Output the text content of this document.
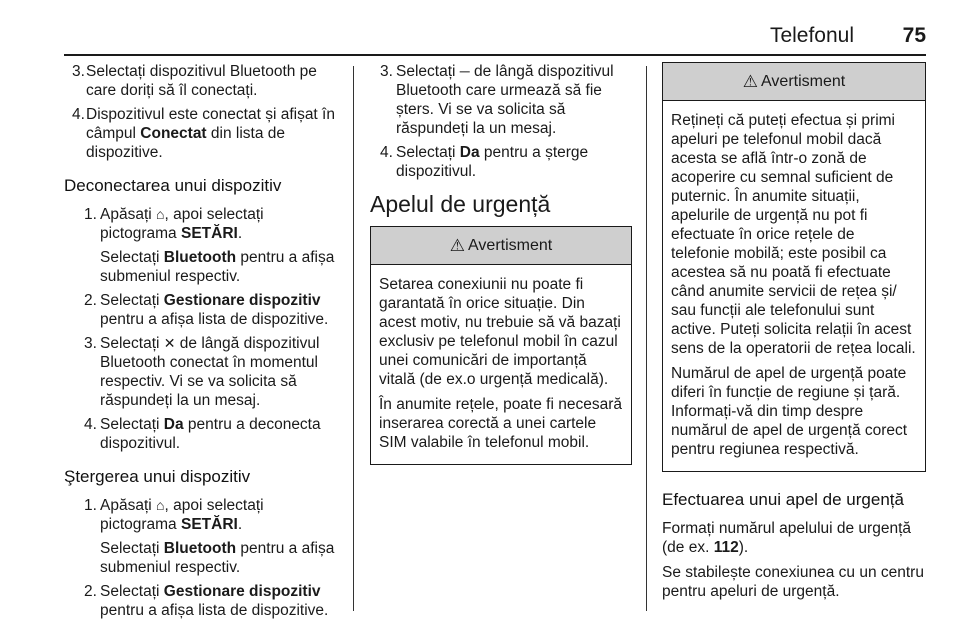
Telefonul 75
3. Selectați dispozitivul Bluetooth pe care doriți să îl conectați.

4. Dispozitivul este conectat și afișat în câmpul Conectat din lista de dispozitive.

Deconectarea unui dispozitiv
1. Apăsați ⌂, apoi selectați pictograma SETĂRI.

Selectați Bluetooth pentru a afișa submeniul respectiv.

2. Selectați Gestionare dispozitiv pentru a afișa lista de dispozitive.

3. Selectați ✕ de lângă dispozitivul Bluetooth conectat în momentul respectiv. Vi se va solicita să răspundeți la un mesaj.

4. Selectați Da pentru a deconecta dispozitivul.

Ştergerea unui dispozitiv
1. Apăsați ⌂, apoi selectați pictograma SETĂRI.

Selectați Bluetooth pentru a afișa submeniul respectiv.

2. Selectați Gestionare dispozitiv pentru a afișa lista de dispozitive.

3. Selectați ─ de lângă dispozitivul Bluetooth care urmează să fie șters. Vi se va solicita să răspundeți la un mesaj.

4. Selectați Da pentru a șterge dispozitivul.

Apelul de urgență
⚠ Avertisment

Setarea conexiunii nu poate fi garantată în orice situație. Din acest motiv, nu trebuie să vă bazați exclusiv pe telefonul mobil în cazul unei comunicări de importanță vitală (de ex.o urgență medicală).

În anumite rețele, poate fi necesară inserarea corectă a unei cartele SIM valabile în telefonul mobil.

⚠ Avertisment

Rețineți că puteți efectua și primi apeluri pe telefonul mobil dacă acesta se află într-o zonă de acoperire cu semnal suficient de puternic. În anumite situații, apelurile de urgență nu pot fi efectuate în orice rețele de telefonie mobilă; este posibil ca acestea să nu poată fi efectuate când anumite servicii de rețea și/ sau funcții ale telefonului sunt active. Puteți solicita relații în acest sens de la operatorii de rețea locali.

Numărul de apel de urgență poate diferi în funcție de regiune și țară. Informați-vă din timp despre numărul de apel de urgență corect pentru regiunea respectivă.

Efectuarea unui apel de urgență

Formați numărul apelului de urgență (de ex. 112).

Se stabilește conexiunea cu un centru pentru apeluri de urgență.
